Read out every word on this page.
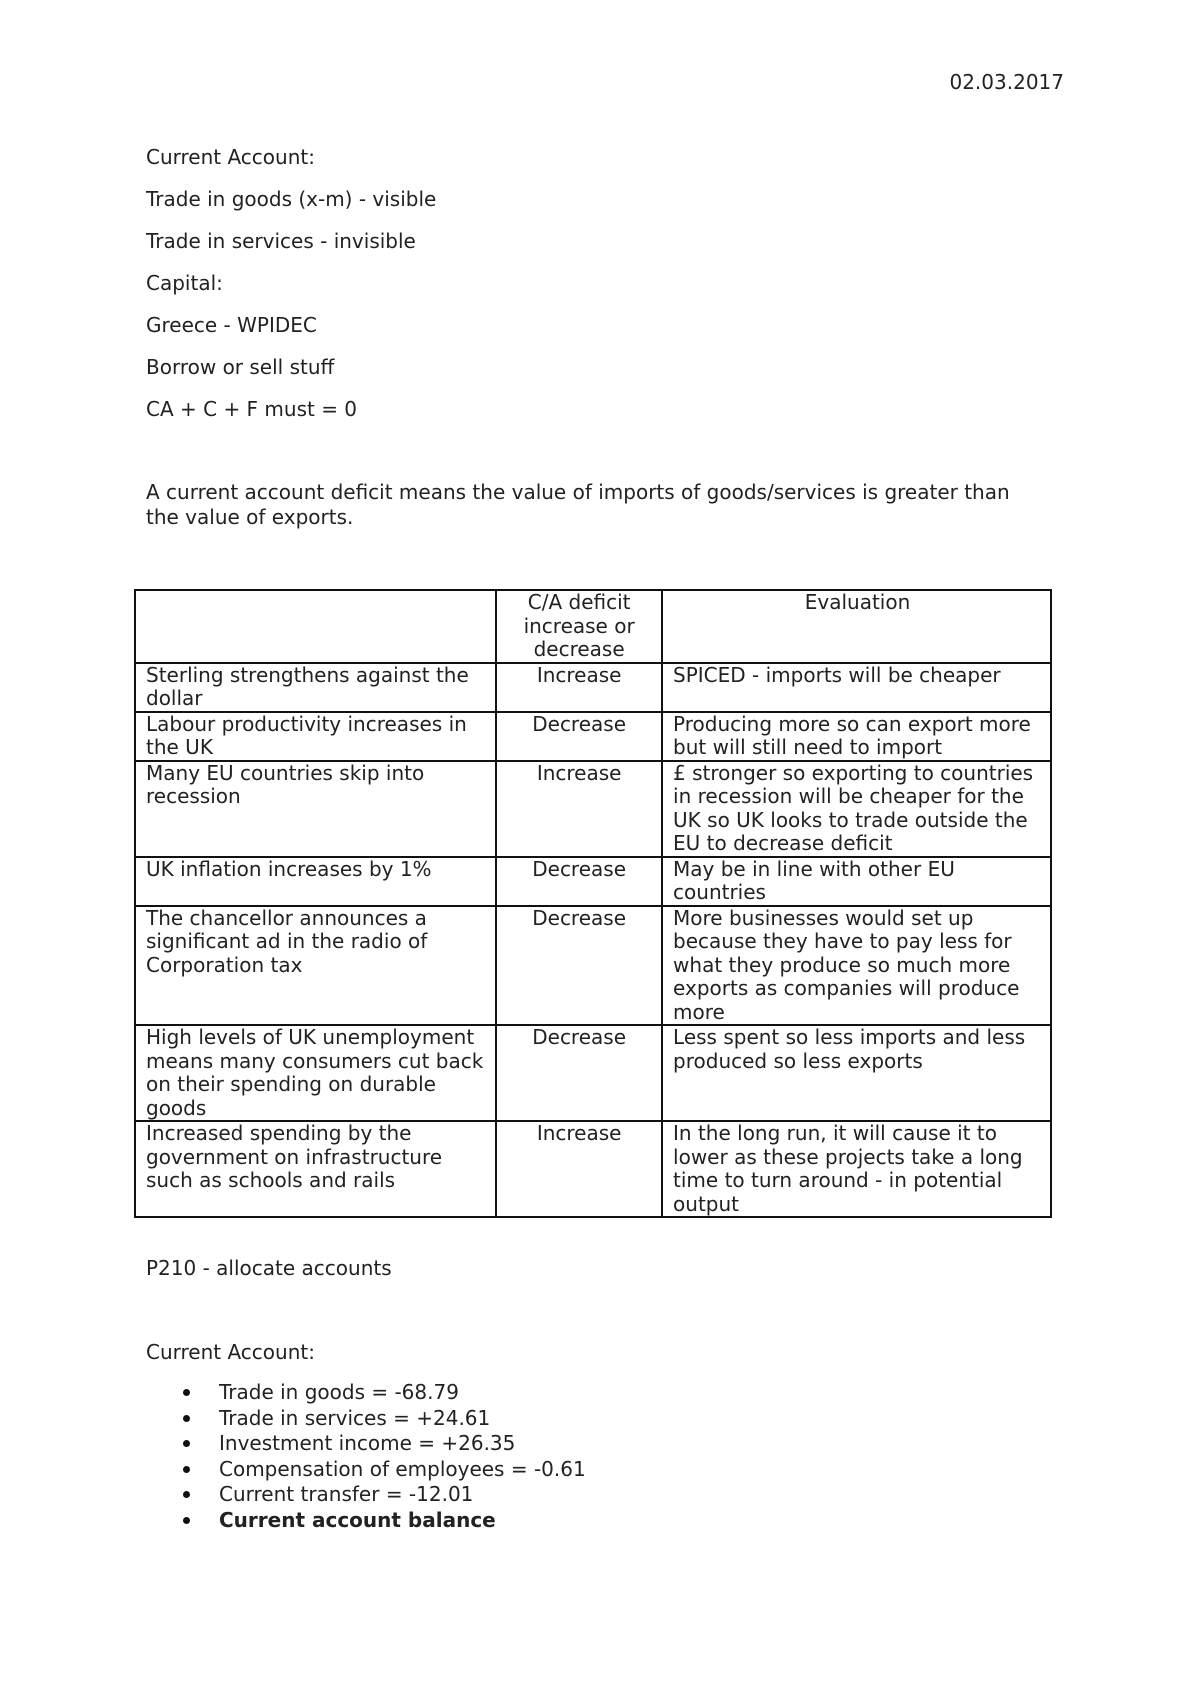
02.03.2017

Current Account:

Trade in goods (x-m) - visible

Trade in services - invisible

Capital:

Greece - WPIDEC

Borrow or sell stuff

CA + C + F must = 0

A current account deficit means the value of imports of goods/services is greater than the value of exports.

	C/A deficit increase or decrease	Evaluation
Sterling strengthens against the dollar	Increase	SPICED - imports will be cheaper
Labour productivity increases in the UK	Decrease	Producing more so can export more but will still need to import
Many EU countries skip into recession	Increase	£ stronger so exporting to countries in recession will be cheaper for the UK so UK looks to trade outside the EU to decrease deficit
UK inflation increases by 1%	Decrease	May be in line with other EU countries
The chancellor announces a significant ad in the radio of Corporation tax	Decrease	More businesses would set up because they have to pay less for what they produce so much more exports as companies will produce more
High levels of UK unemployment means many consumers cut back on their spending on durable goods	Decrease	Less spent so less imports and less produced so less exports
Increased spending by the government on infrastructure such as schools and rails	Increase	In the long run, it will cause it to lower as these projects take a long time to turn around - in potential output

P210 - allocate accounts

Current Account:

Trade in goods = -68.79
Trade in services = +24.61
Investment income = +26.35
Compensation of employees = -0.61
Current transfer = -12.01
Current account balance
